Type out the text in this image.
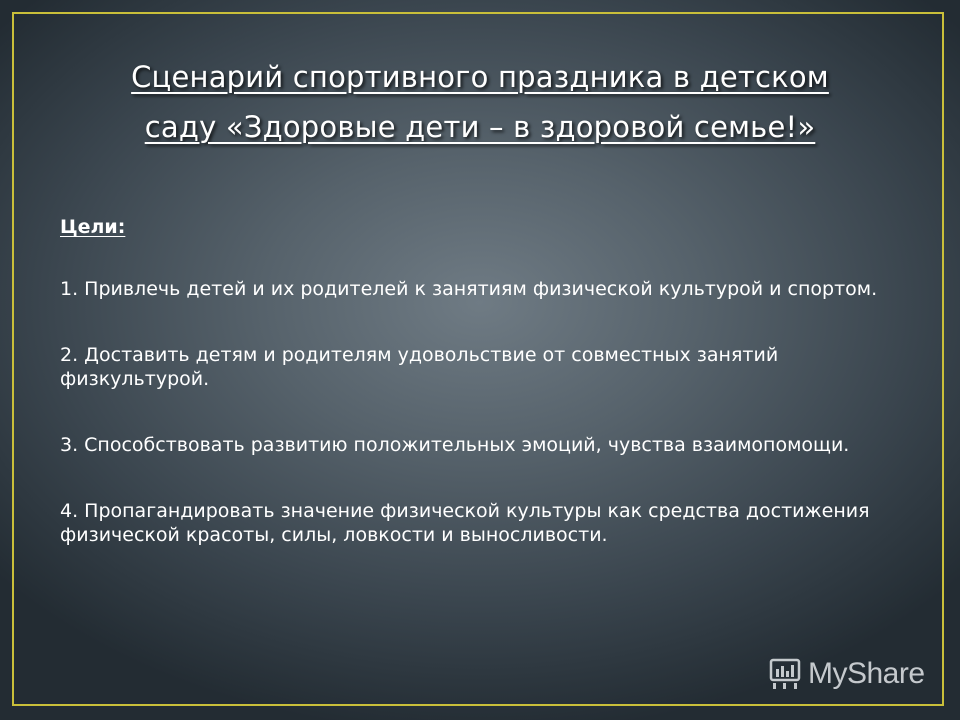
Сценарий спортивного праздника в детском
саду «Здоровые дети – в здоровой семье!»
Цели:
1. Привлечь детей и их родителей к занятиям физической культурой и спортом.
2. Доставить детям и родителям удовольствие от совместных занятий физкультурой.
3. Способствовать развитию положительных эмоций, чувства взаимопомощи.
4. Пропагандировать значение физической культуры как средства достижения физической красоты, силы, ловкости и выносливости.
MyShare
